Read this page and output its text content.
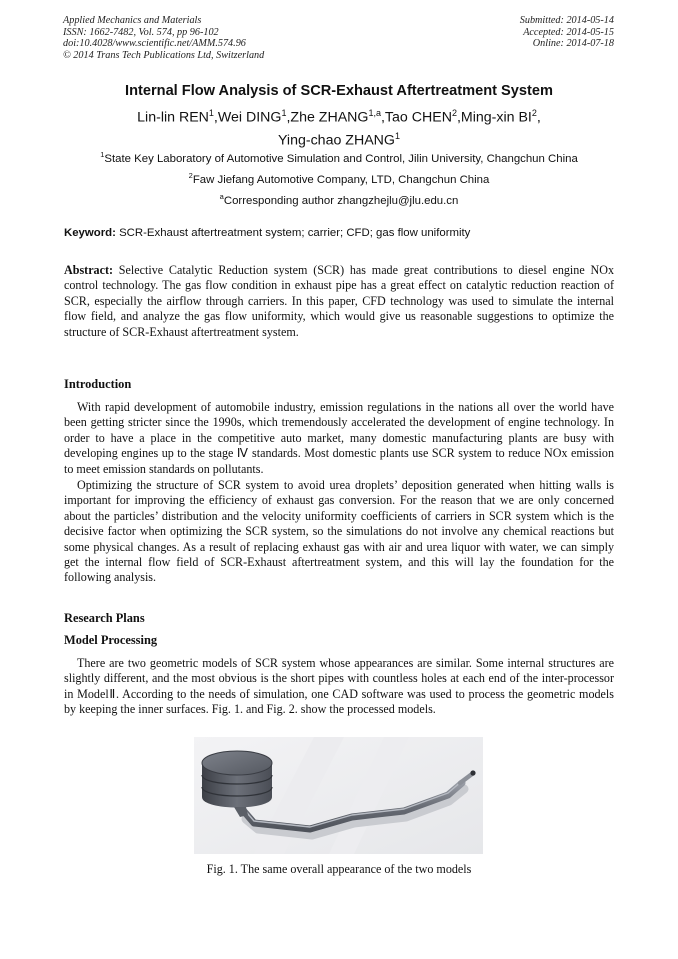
Applied Mechanics and Materials
ISSN: 1662-7482, Vol. 574, pp 96-102
doi:10.4028/www.scientific.net/AMM.574.96
© 2014 Trans Tech Publications Ltd, Switzerland
Submitted: 2014-05-14
Accepted: 2014-05-15
Online: 2014-07-18
Internal Flow Analysis of SCR-Exhaust Aftertreatment System
Lin-lin REN$^1$,Wei DING$^1$,Zhe ZHANG$^{1,a}$,Tao CHEN$^2$,Ming-xin $BI^2$,
Ying-chao ZHANG$^1$
$^1$State Key Laboratory of Automotive Simulation and Control, Jilin University, Changchun China
$^2$Faw Jiefang Automotive Company, LTD, Changchun China
$^a$Corresponding author zhangzhejlu@jlu.edu.cn
Keyword: SCR-Exhaust aftertreatment system; carrier; CFD; gas flow uniformity
Abstract: Selective Catalytic Reduction system (SCR) has made great contributions to diesel engine NOx control technology. The gas flow condition in exhaust pipe has a great effect on catalytic reduction reaction of SCR, especially the airflow through carriers. In this paper, CFD technology was used to simulate the internal flow field, and analyze the gas flow uniformity, which would give us reasonable suggestions to optimize the structure of SCR-Exhaust aftertreatment system.
Introduction
With rapid development of automobile industry, emission regulations in the nations all over the world have been getting stricter since the 1990s, which tremendously accelerated the development of engine technology. In order to have a place in the competitive auto market, many domestic manufacturing plants are busy with developing engines up to the stage Ⅳ standards. Most domestic plants use SCR system to reduce NOx emission to meet emission standards on pollutants.
Optimizing the structure of SCR system to avoid urea droplets’ deposition generated when hitting walls is important for improving the efficiency of exhaust gas conversion. For the reason that we are only concerned about the particles’ distribution and the velocity uniformity coefficients of carriers in SCR system which is the decisive factor when optimizing the SCR system, so the simulations do not involve any chemical reactions but some physical changes. As a result of replacing exhaust gas with air and urea liquor with water, we can simply get the internal flow field of SCR-Exhaust aftertreatment system, and this will lay the foundation for the following analysis.
Research Plans
Model Processing
There are two geometric models of SCR system whose appearances are similar. Some internal structures are slightly different, and the most obvious is the short pipes with countless holes at each end of the inter-processor in ModelⅡ. According to the needs of simulation, one CAD software was used to process the geometric models by keeping the inner surfaces. Fig. 1. and Fig. 2. show the processed models.
Fig. 1. The same overall appearance of the two models
